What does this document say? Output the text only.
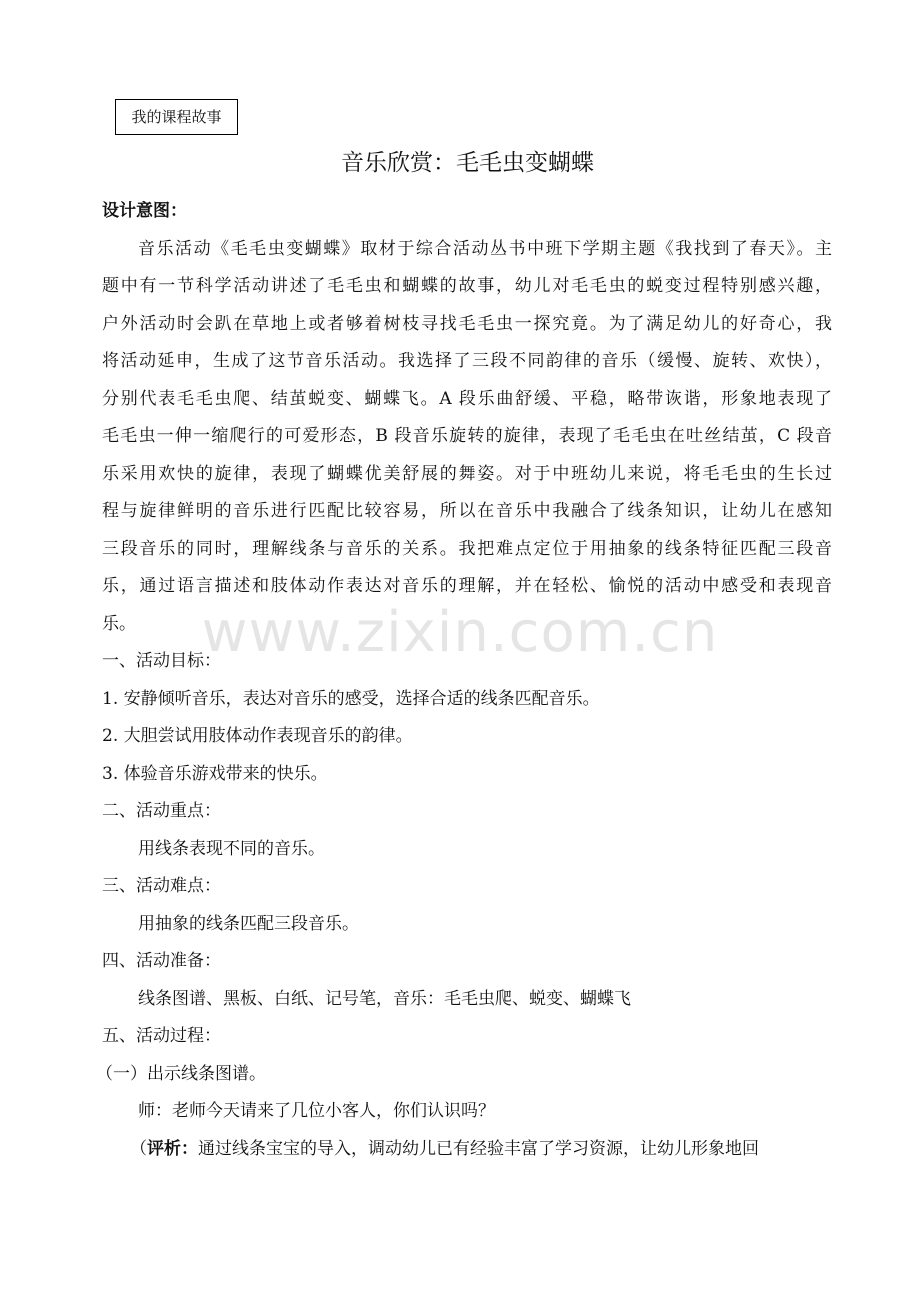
我的课程故事
音乐欣赏：毛毛虫变蝴蝶
设计意图：
音乐活动《毛毛虫变蝴蝶》取材于综合活动丛书中班下学期主题《我找到了春天》。主
题中有一节科学活动讲述了毛毛虫和蝴蝶的故事，幼儿对毛毛虫的蜕变过程特别感兴趣，
户外活动时会趴在草地上或者够着树枝寻找毛毛虫一探究竟。为了满足幼儿的好奇心，我
将活动延申，生成了这节音乐活动。我选择了三段不同韵律的音乐（缓慢、旋转、欢快），
分别代表毛毛虫爬、结茧蜕变、蝴蝶飞。A 段乐曲舒缓、平稳，略带诙谐，形象地表现了
毛毛虫一伸一缩爬行的可爱形态，B 段音乐旋转的旋律，表现了毛毛虫在吐丝结茧，C 段音
乐采用欢快的旋律，表现了蝴蝶优美舒展的舞姿。对于中班幼儿来说，将毛毛虫的生长过
程与旋律鲜明的音乐进行匹配比较容易，所以在音乐中我融合了线条知识，让幼儿在感知
三段音乐的同时，理解线条与音乐的关系。我把难点定位于用抽象的线条特征匹配三段音
乐，通过语言描述和肢体动作表达对音乐的理解，并在轻松、愉悦的活动中感受和表现音
乐。
一、活动目标：
1. 安静倾听音乐，表达对音乐的感受，选择合适的线条匹配音乐。
2. 大胆尝试用肢体动作表现音乐的韵律。
3. 体验音乐游戏带来的快乐。
二、活动重点：
用线条表现不同的音乐。
三、活动难点：
用抽象的线条匹配三段音乐。
四、活动准备：
线条图谱、黑板、白纸、记号笔，音乐：毛毛虫爬、蜕变、蝴蝶飞
五、活动过程：
（一）出示线条图谱。
师：老师今天请来了几位小客人，你们认识吗？
（评析：通过线条宝宝的导入，调动幼儿已有经验丰富了学习资源，让幼儿形象地回
www.zixin.com.cn
